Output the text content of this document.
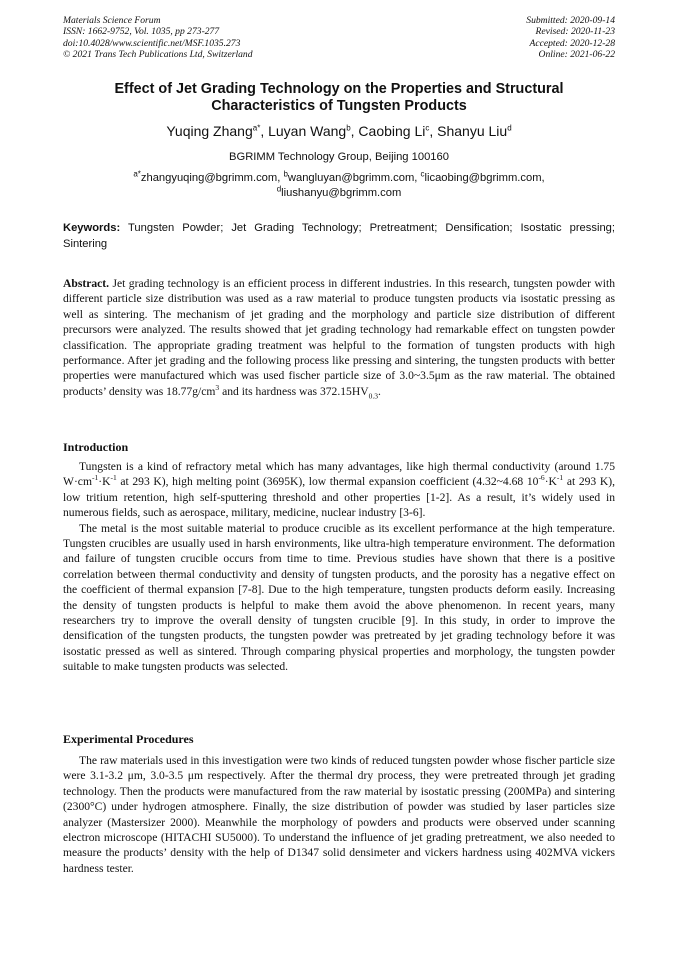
Materials Science Forum
ISSN: 1662-9752, Vol. 1035, pp 273-277
doi:10.4028/www.scientific.net/MSF.1035.273
© 2021 Trans Tech Publications Ltd, Switzerland
Submitted: 2020-09-14
Revised: 2020-11-23
Accepted: 2020-12-28
Online: 2021-06-22
Effect of Jet Grading Technology on the Properties and Structural
Characteristics of Tungsten Products
Yuqing Zhang$^{a*}$, Luyan Wang$^b$, Caobing Li$^c$, Shanyu Liu$^d$
BGRIMM Technology Group, Beijing 100160
$^{a*}$zhangyuqing@bgrimm.com, $^b$wangluyan@bgrimm.com, $^c$licaobing@bgrimm.com,
$^d$liushanyu@bgrimm.com
Keywords: Tungsten Powder; Jet Grading Technology; Pretreatment; Densification; Isostatic pressing; Sintering

Abstract. Jet grading technology is an efficient process in different industries. In this research, tungsten powder with different particle size distribution was used as a raw material to produce tungsten products via isostatic pressing as well as sintering. The mechanism of jet grading and the morphology and particle size distribution of different precursors were analyzed. The results showed that jet grading technology had remarkable effect on tungsten powder classification. The appropriate grading treatment was helpful to the formation of tungsten products with high performance. After jet grading and the following process like pressing and sintering, the tungsten products with better properties were manufactured which was used fischer particle size of 3.0~3.5μm as the raw material. The obtained products’ density was $18.77g/cm^3$ and its hardness was $372.15HV_{0.3}$.

Introduction

Tungsten is a kind of refractory metal which has many advantages, like high thermal conductivity (around 1.75 $W\cdot cm^{-1}\cdot K^{-1}$ at 293 K), high melting point (3695K), low thermal expansion coefficient (4.32~4.68 $10^{-6}\cdot K^{-1}$ at 293 K), low tritium retention, high self-sputtering threshold and other properties [1-2]. As a result, it’s widely used in numerous fields, such as aerospace, military, medicine, nuclear industry [3-6].

The metal is the most suitable material to produce crucible as its excellent performance at the high temperature. Tungsten crucibles are usually used in harsh environments, like ultra-high temperature environment. The deformation and failure of tungsten crucible occurs from time to time. Previous studies have shown that there is a positive correlation between thermal conductivity and density of tungsten products, and the porosity has a negative effect on the coefficient of thermal expansion [7-8]. Due to the high temperature, tungsten products deform easily. Increasing the density of tungsten products is helpful to make them avoid the above phenomenon. In recent years, many researchers try to improve the overall density of tungsten crucible [9]. In this study, in order to improve the densification of the tungsten products, the tungsten powder was pretreated by jet grading technology before it was isostatic pressed as well as sintered. Through comparing physical properties and morphology, the tungsten powder suitable to make tungsten products was selected.

Experimental Procedures

The raw materials used in this investigation were two kinds of reduced tungsten powder whose fischer particle size were 3.1-3.2 μm, 3.0-3.5 μm respectively. After the thermal dry process, they were pretreated through jet grading technology. Then the products were manufactured from the raw material by isostatic pressing (200MPa) and sintering (2300°C) under hydrogen atmosphere. Finally, the size distribution of powder was studied by laser particles size analyzer (Mastersizer 2000). Meanwhile the morphology of powders and products were observed under scanning electron microscope (HITACHI SU5000). To understand the influence of jet grading pretreatment, we also needed to measure the products’ density with the help of D1347 solid densimeter and vickers hardness using 402MVA vickers hardness tester.
